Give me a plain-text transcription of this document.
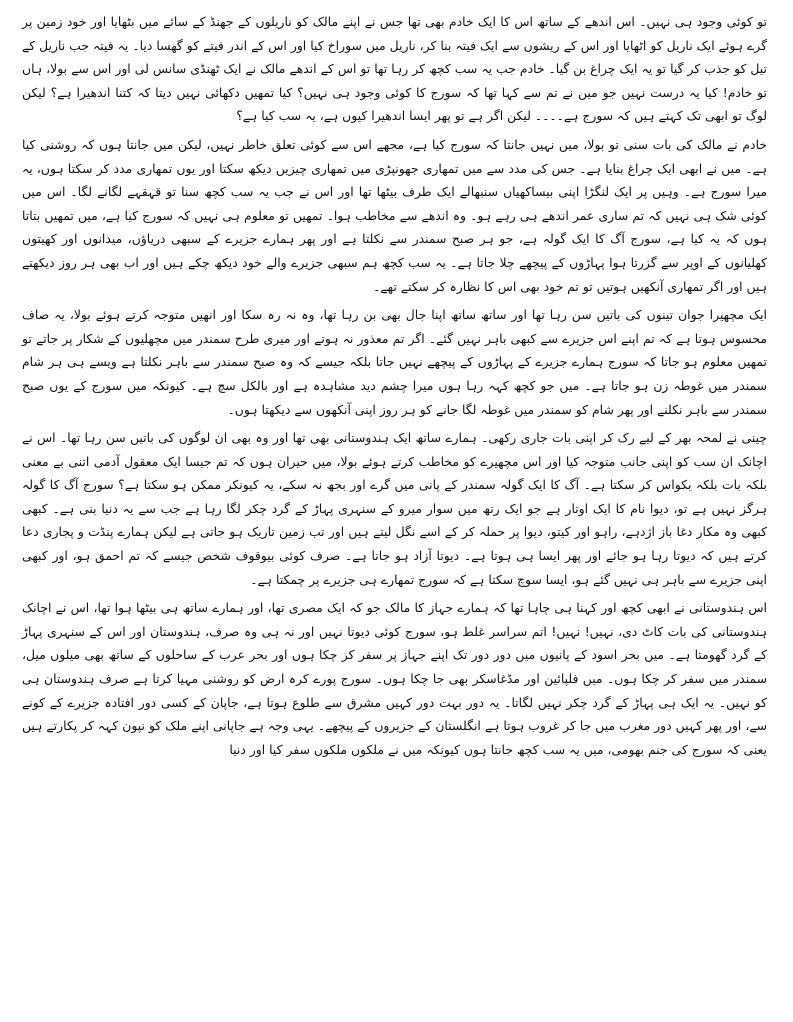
تو کوئی وجود ہی نہیں۔ اس اندھے کے ساتھ اس کا ایک خادم بھی تھا جس نے اپنے مالک کو ناریلوں کے جھنڈ کے سائے میں بٹھایا اور خود زمین پر گرے ہوئے ایک ناریل کو اٹھایا اور اس کے ریشوں سے ایک فیتہ بنا کر، ناریل میں سوراخ کیا اور اس کے اندر فیتے کو گھسا دیا۔ یہ فیتہ جب ناریل کے تیل کو جذب کر گیا تو یہ ایک چراغ بن گیا۔ خادم جب یہ سب کچھ کر رہا تھا تو اس کے اندھے مالک نے ایک ٹھنڈی سانس لی اور اس سے بولا، ہاں تو خادم! کیا یہ درست نہیں جو میں نے تم سے کہا تھا کہ سورج کا کوئی وجود ہی نہیں؟ کیا تمھیں دکھائی نہیں دیتا کہ کتنا اندھیرا ہے؟ لیکن لوگ تو ابھی تک کہتے ہیں کہ سورج ہے۔۔۔۔ لیکن اگر ہے تو پھر ایسا اندھیرا کیوں ہے، یہ سب کیا ہے؟

خادم نے مالک کی بات سنی تو بولا، میں نہیں جانتا کہ سورج کیا ہے، مجھے اس سے کوئی تعلق خاطر نہیں، لیکن میں جانتا ہوں کہ روشنی کیا ہے۔ میں نے ابھی ایک چراغ بنایا ہے۔ جس کی مدد سے میں تمھاری جھونپڑی میں تمھاری چیزیں دیکھ سکتا اور یوں تمھاری مدد کر سکتا ہوں، یہ میرا سورج ہے۔ وہیں پر ایک لنگڑا اپنی بیساکھیاں سنبھالے ایک طرف بیٹھا تھا اور اس نے جب یہ سب کچھ سنا تو قہقہے لگانے لگا۔ اس میں کوئی شک ہی نہیں کہ تم ساری عمر اندھے ہی رہے ہو۔ وہ اندھے سے مخاطب ہوا۔ تمھیں تو معلوم ہی نہیں کہ سورج کیا ہے، میں تمھیں بتاتا ہوں کہ یہ کیا ہے، سورج آگ کا ایک گولہ ہے، جو ہر صبح سمندر سے نکلتا ہے اور پھر ہمارے جزیرے کے سبھی دریاؤں، میدانوں اور کھیتوں کھلیانوں کے اوپر سے گزرتا ہوا پہاڑوں کے پیچھے چلا جاتا ہے۔ یہ سب کچھ ہم سبھی جزیرے والے خود دیکھ چکے ہیں اور اب بھی ہر روز دیکھتے ہیں اور اگر تمھاری آنکھیں ہوتیں تو تم خود بھی اس کا نظارہ کر سکتے تھے۔

ایک مچھیرا جوان تینوں کی باتیں سن رہا تھا اور ساتھ ساتھ اپنا جال بھی بن رہا تھا، وہ نہ رہ سکا اور انھیں متوجہ کرتے ہوئے بولا، یہ صاف محسوس ہوتا ہے کہ تم اپنے اس جزیرے سے کبھی باہر نہیں گئے۔ اگر تم معذور نہ ہوتے اور میری طرح سمندر میں مچھلیوں کے شکار پر جاتے تو تمھیں معلوم ہو جاتا کہ سورج ہمارے جزیرے کے پہاڑوں کے پیچھے نہیں جاتا بلکہ جیسے کہ وہ صبح سمندر سے باہر نکلتا ہے ویسے ہی ہر شام سمندر میں غوطہ زن ہو جاتا ہے۔ میں جو کچھ کہہ رہا ہوں میرا چشم دید مشاہدہ ہے اور بالکل سچ ہے۔ کیونکہ میں سورج کے یوں صبح سمندر سے باہر نکلنے اور پھر شام کو سمندر میں غوطہ لگا جانے کو ہر روز اپنی آنکھوں سے دیکھتا ہوں۔

چینی نے لمحہ بھر کے لیے رک کر اپنی بات جاری رکھی۔ ہمارے ساتھ ایک ہندوستانی بھی تھا اور وہ بھی ان لوگوں کی باتیں سن رہا تھا۔ اس نے اچانک ان سب کو اپنی جانب متوجہ کیا اور اس مچھیرے کو مخاطب کرتے ہوئے بولا، میں حیران ہوں کہ تم جیسا ایک معقول آدمی اتنی بے معنی بلکہ بات بلکہ بکواس کر سکتا ہے۔ آگ کا ایک گولہ سمندر کے پانی میں گرے اور بجھ نہ سکے، یہ کیونکر ممکن ہو سکتا ہے؟ سورج آگ کا گولہ ہرگز نہیں ہے تو، دیوا نام کا ایک اوتار ہے جو ایک رتھ میں سوار میرو کے سنہری پہاڑ کے گرد چکر لگا رہا ہے جب سے یہ دنیا بنی ہے۔ کبھی کبھی وہ مکار دغا باز اژدہے، راہو اور کیتو، دیوا پر حملہ کر کے اسے نگل لیتے ہیں اور تب زمین تاریک ہو جاتی ہے لیکن ہمارے پنڈت و پجاری دعا کرتے ہیں کہ دیوتا رہا ہو جائے اور پھر ایسا ہی ہوتا ہے۔ دیوتا آزاد ہو جاتا ہے۔ صرف کوئی بیوقوف شخص جیسے کہ تم احمق ہو، اور کبھی اپنی جزیرے سے باہر ہی نہیں گئے ہو، ایسا سوچ سکتا ہے کہ سورج تمھارے ہی جزیرے پر چمکتا ہے۔

اس ہندوستانی نے ابھی کچھ اور کہنا ہی چاہا تھا کہ ہمارے جہاز کا مالک جو کہ ایک مصری تھا، اور ہمارے ساتھ ہی بیٹھا ہوا تھا، اس نے اچانک ہندوستانی کی بات کاٹ دی، نہیں! نہیں! اتم سراسر غلط ہو، سورج کوئی دیوتا نہیں اور نہ ہی وہ صرف، ہندوستان اور اس کے سنہری پہاڑ کے گرد گھومتا ہے۔ میں بحر اسود کے پانیوں میں دور دور تک اپنے جہاز پر سفر کر چکا ہوں اور بحر عرب کے ساحلوں کے ساتھ بھی میلوں میل، سمندر میں سفر کر چکا ہوں۔ میں فلپائین اور مڈغاسکر بھی جا چکا ہوں۔ سورج پورے کرہ ارض کو روشنی مہیا کرتا ہے صرف ہندوستان ہی کو نہیں۔ یہ ایک ہی پہاڑ کے گرد چکر نہیں لگاتا۔ یہ دور بہت دور کہیں مشرق سے طلوع ہوتا ہے، جاپان کے کسی دور افتادہ جزیرے کے کونے سے، اور پھر کہیں دور مغرب میں جا کر غروب ہوتا ہے انگلستان کے جزیروں کے پیچھے۔ یہی وجہ ہے جاپانی اپنے ملک کو نپون کہہ کر پکارتے ہیں یعنی کہ سورج کی جنم بھومی، میں یہ سب کچھ جانتا ہوں کیونکہ میں نے ملکوں ملکوں سفر کیا اور دنیا
